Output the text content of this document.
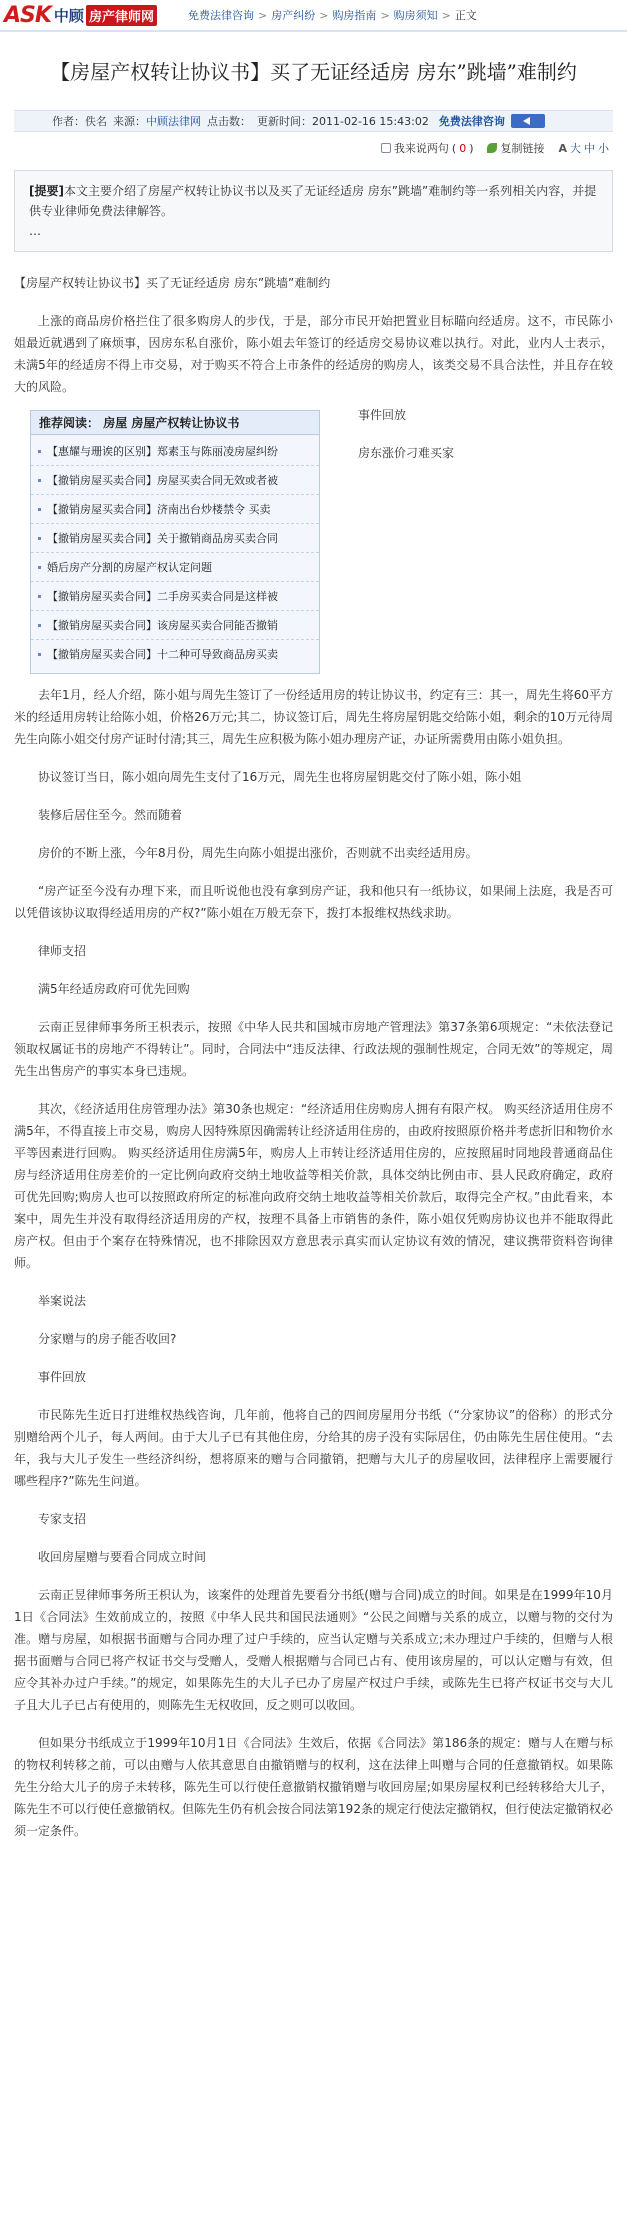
ASK 中顾 房产律师网	免费法律咨询 > 房产纠纷 > 购房指南 > 购房须知 > 正文
【房屋产权转让协议书】买了无证经适房 房东”跳墙”难制约
作者：佚名 来源： 中顾法律网 点击数： 更新时间： 2011-02-16 15:43:02 免费法律咨询
我来说两句 ( 0 ) 复制链接 A 大 中 小
[提要]本文主要介绍了房屋产权转让协议书以及买了无证经适房 房东”跳墙”难制约等一系列相关内容，并提供专业律师免费法律解答。
…

【房屋产权转让协议书】买了无证经适房 房东”跳墙”难制约

上涨的商品房价格拦住了很多购房人的步伐，于是，部分市民开始把置业目标瞄向经适房。这不，市民陈小姐最近就遇到了麻烦事，因房东私自涨价，陈小姐去年签订的经适房交易协议难以执行。对此，业内人士表示，未满5年的经适房不得上市交易，对于购买不符合上市条件的经适房的购房人，该类交易不具合法性，并且存在较大的风险。

推荐阅读： 房屋 房屋产权转让协议书
【惠耀与珊诶的区别】郑素玉与陈丽凌房屋纠纷
【撤销房屋买卖合同】房屋买卖合同无效或者被
【撤销房屋买卖合同】济南出台炒楼禁令 买卖
【撤销房屋买卖合同】关于撤销商品房买卖合同
婚后房产分割的房屋产权认定问题
【撤销房屋买卖合同】二手房买卖合同是这样被
【撤销房屋买卖合同】该房屋买卖合同能否撤销
【撤销房屋买卖合同】十二种可导致商品房买卖

事件回放

房东涨价刁难买家

去年1月，经人介绍，陈小姐与周先生签订了一份经适用房的转让协议书，约定有三：其一，周先生将60平方米的经适用房转让给陈小姐，价格26万元;其二，协议签订后，周先生将房屋钥匙交给陈小姐，剩余的10万元待周先生向陈小姐交付房产证时付清;其三，周先生应积极为陈小姐办理房产证，办证所需费用由陈小姐负担。

协议签订当日，陈小姐向周先生支付了16万元，周先生也将房屋钥匙交付了陈小姐，陈小姐

装修后居住至今。然而随着

房价的不断上涨，今年8月份，周先生向陈小姐提出涨价，否则就不出卖经适用房。

“房产证至今没有办理下来，而且听说他也没有拿到房产证，我和他只有一纸协议，如果闹上法庭，我是否可以凭借该协议取得经适用房的产权?”陈小姐在万般无奈下，拨打本报维权热线求助。

律师支招

满5年经适房政府可优先回购

云南正昱律师事务所王枳表示，按照《中华人民共和国城市房地产管理法》第37条第6项规定：“未依法登记领取权属证书的房地产不得转让”。同时，合同法中“违反法律、行政法规的强制性规定，合同无效”的等规定，周先生出售房产的事实本身已违规。

其次，《经济适用住房管理办法》第30条也规定：“经济适用住房购房人拥有有限产权。 购买经济适用住房不满5年，不得直接上市交易，购房人因特殊原因确需转让经济适用住房的，由政府按照原价格并考虑折旧和物价水平等因素进行回购。 购买经济适用住房满5年，购房人上市转让经济适用住房的，应按照届时同地段普通商品住房与经济适用住房差价的一定比例向政府交纳土地收益等相关价款，具体交纳比例由市、县人民政府确定，政府可优先回购;购房人也可以按照政府所定的标准向政府交纳土地收益等相关价款后，取得完全产权。”由此看来，本案中，周先生并没有取得经济适用房的产权，按理不具备上市销售的条件，陈小姐仅凭购房协议也并不能取得此房产权。但由于个案存在特殊情况，也不排除因双方意思表示真实而认定协议有效的情况，建议携带资料咨询律师。

举案说法

分家赠与的房子能否收回?

事件回放

市民陈先生近日打进维权热线咨询，几年前，他将自己的四间房屋用分书纸（“分家协议”的俗称）的形式分别赠给两个儿子，每人两间。由于大儿子已有其他住房，分给其的房子没有实际居住，仍由陈先生居住使用。“去年，我与大儿子发生一些经济纠纷，想将原来的赠与合同撤销，把赠与大儿子的房屋收回，法律程序上需要履行哪些程序?”陈先生问道。

专家支招

收回房屋赠与要看合同成立时间

云南正昱律师事务所王枳认为，该案件的处理首先要看分书纸(赠与合同)成立的时间。如果是在1999年10月1日《合同法》生效前成立的，按照《中华人民共和国民法通则》“公民之间赠与关系的成立，以赠与物的交付为准。赠与房屋，如根据书面赠与合同办理了过户手续的，应当认定赠与关系成立;未办理过户手续的，但赠与人根据书面赠与合同已将产权证书交与受赠人，受赠人根据赠与合同已占有、使用该房屋的，可以认定赠与有效，但应令其补办过户手续。”的规定，如果陈先生的大儿子已办了房屋产权过户手续，或陈先生已将产权证书交与大儿子且大儿子已占有使用的，则陈先生无权收回，反之则可以收回。

但如果分书纸成立于1999年10月1日《合同法》生效后，依据《合同法》第186条的规定：赠与人在赠与标的物权利转移之前，可以由赠与人依其意思自由撤销赠与的权利，这在法律上叫赠与合同的任意撤销权。如果陈先生分给大儿子的房子未转移，陈先生可以行使任意撤销权撤销赠与收回房屋;如果房屋权利已经转移给大儿子，陈先生不可以行使任意撤销权。但陈先生仍有机会按合同法第192条的规定行使法定撤销权，但行使法定撤销权必须一定条件。
